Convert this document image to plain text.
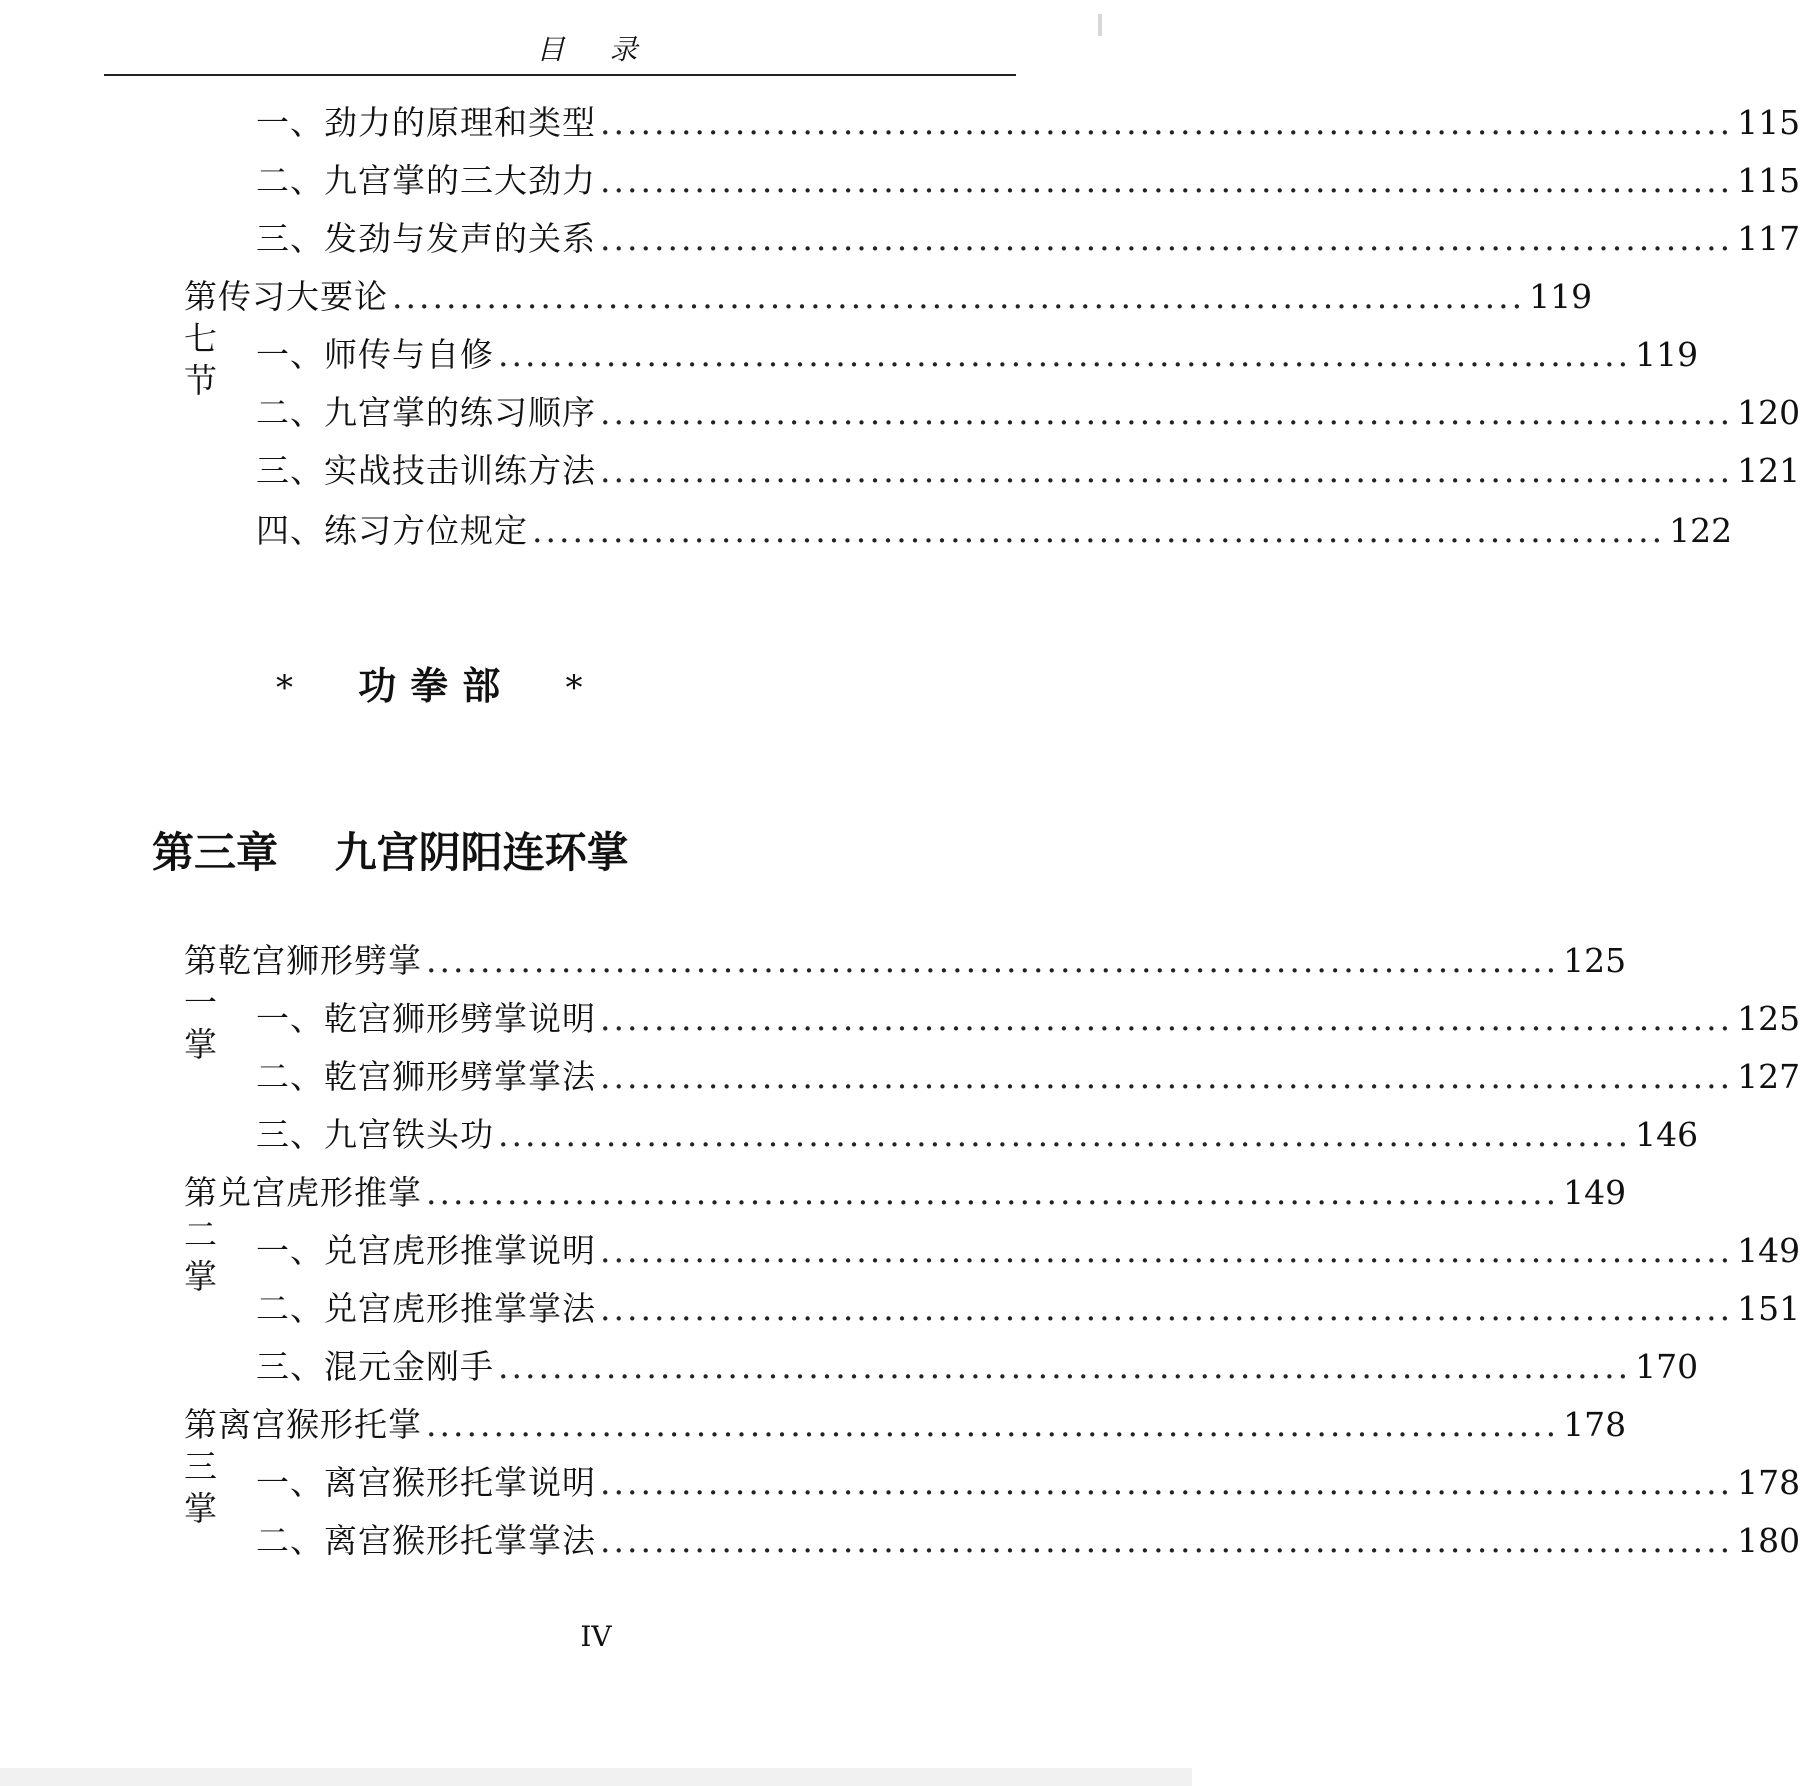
目 录
一、劲力的原理和类型 .................................................................................... 115
二、九宫掌的三大劲力 .................................................................................... 115
三、发劲与发声的关系 .................................................................................... 117
第七节
传习大要论 .................................................................................... 119
一、师传与自修 .................................................................................... 119
二、九宫掌的练习顺序 .................................................................................... 120
三、实战技击训练方法 .................................................................................... 121
四、练习方位规定 .................................................................................... 122
* 功拳部 *
第三章 九宫阴阳连环掌
第一掌
乾宫狮形劈掌 .................................................................................... 125
一、乾宫狮形劈掌说明 .................................................................................... 125
二、乾宫狮形劈掌掌法 .................................................................................... 127
三、九宫铁头功 .................................................................................... 146
第二掌
兑宫虎形推掌 .................................................................................... 149
一、兑宫虎形推掌说明 .................................................................................... 149
二、兑宫虎形推掌掌法 .................................................................................... 151
三、混元金刚手 .................................................................................... 170
第三掌
离宫猴形托掌 .................................................................................... 178
一、离宫猴形托掌说明 .................................................................................... 178
二、离宫猴形托掌掌法 .................................................................................... 180
IV
